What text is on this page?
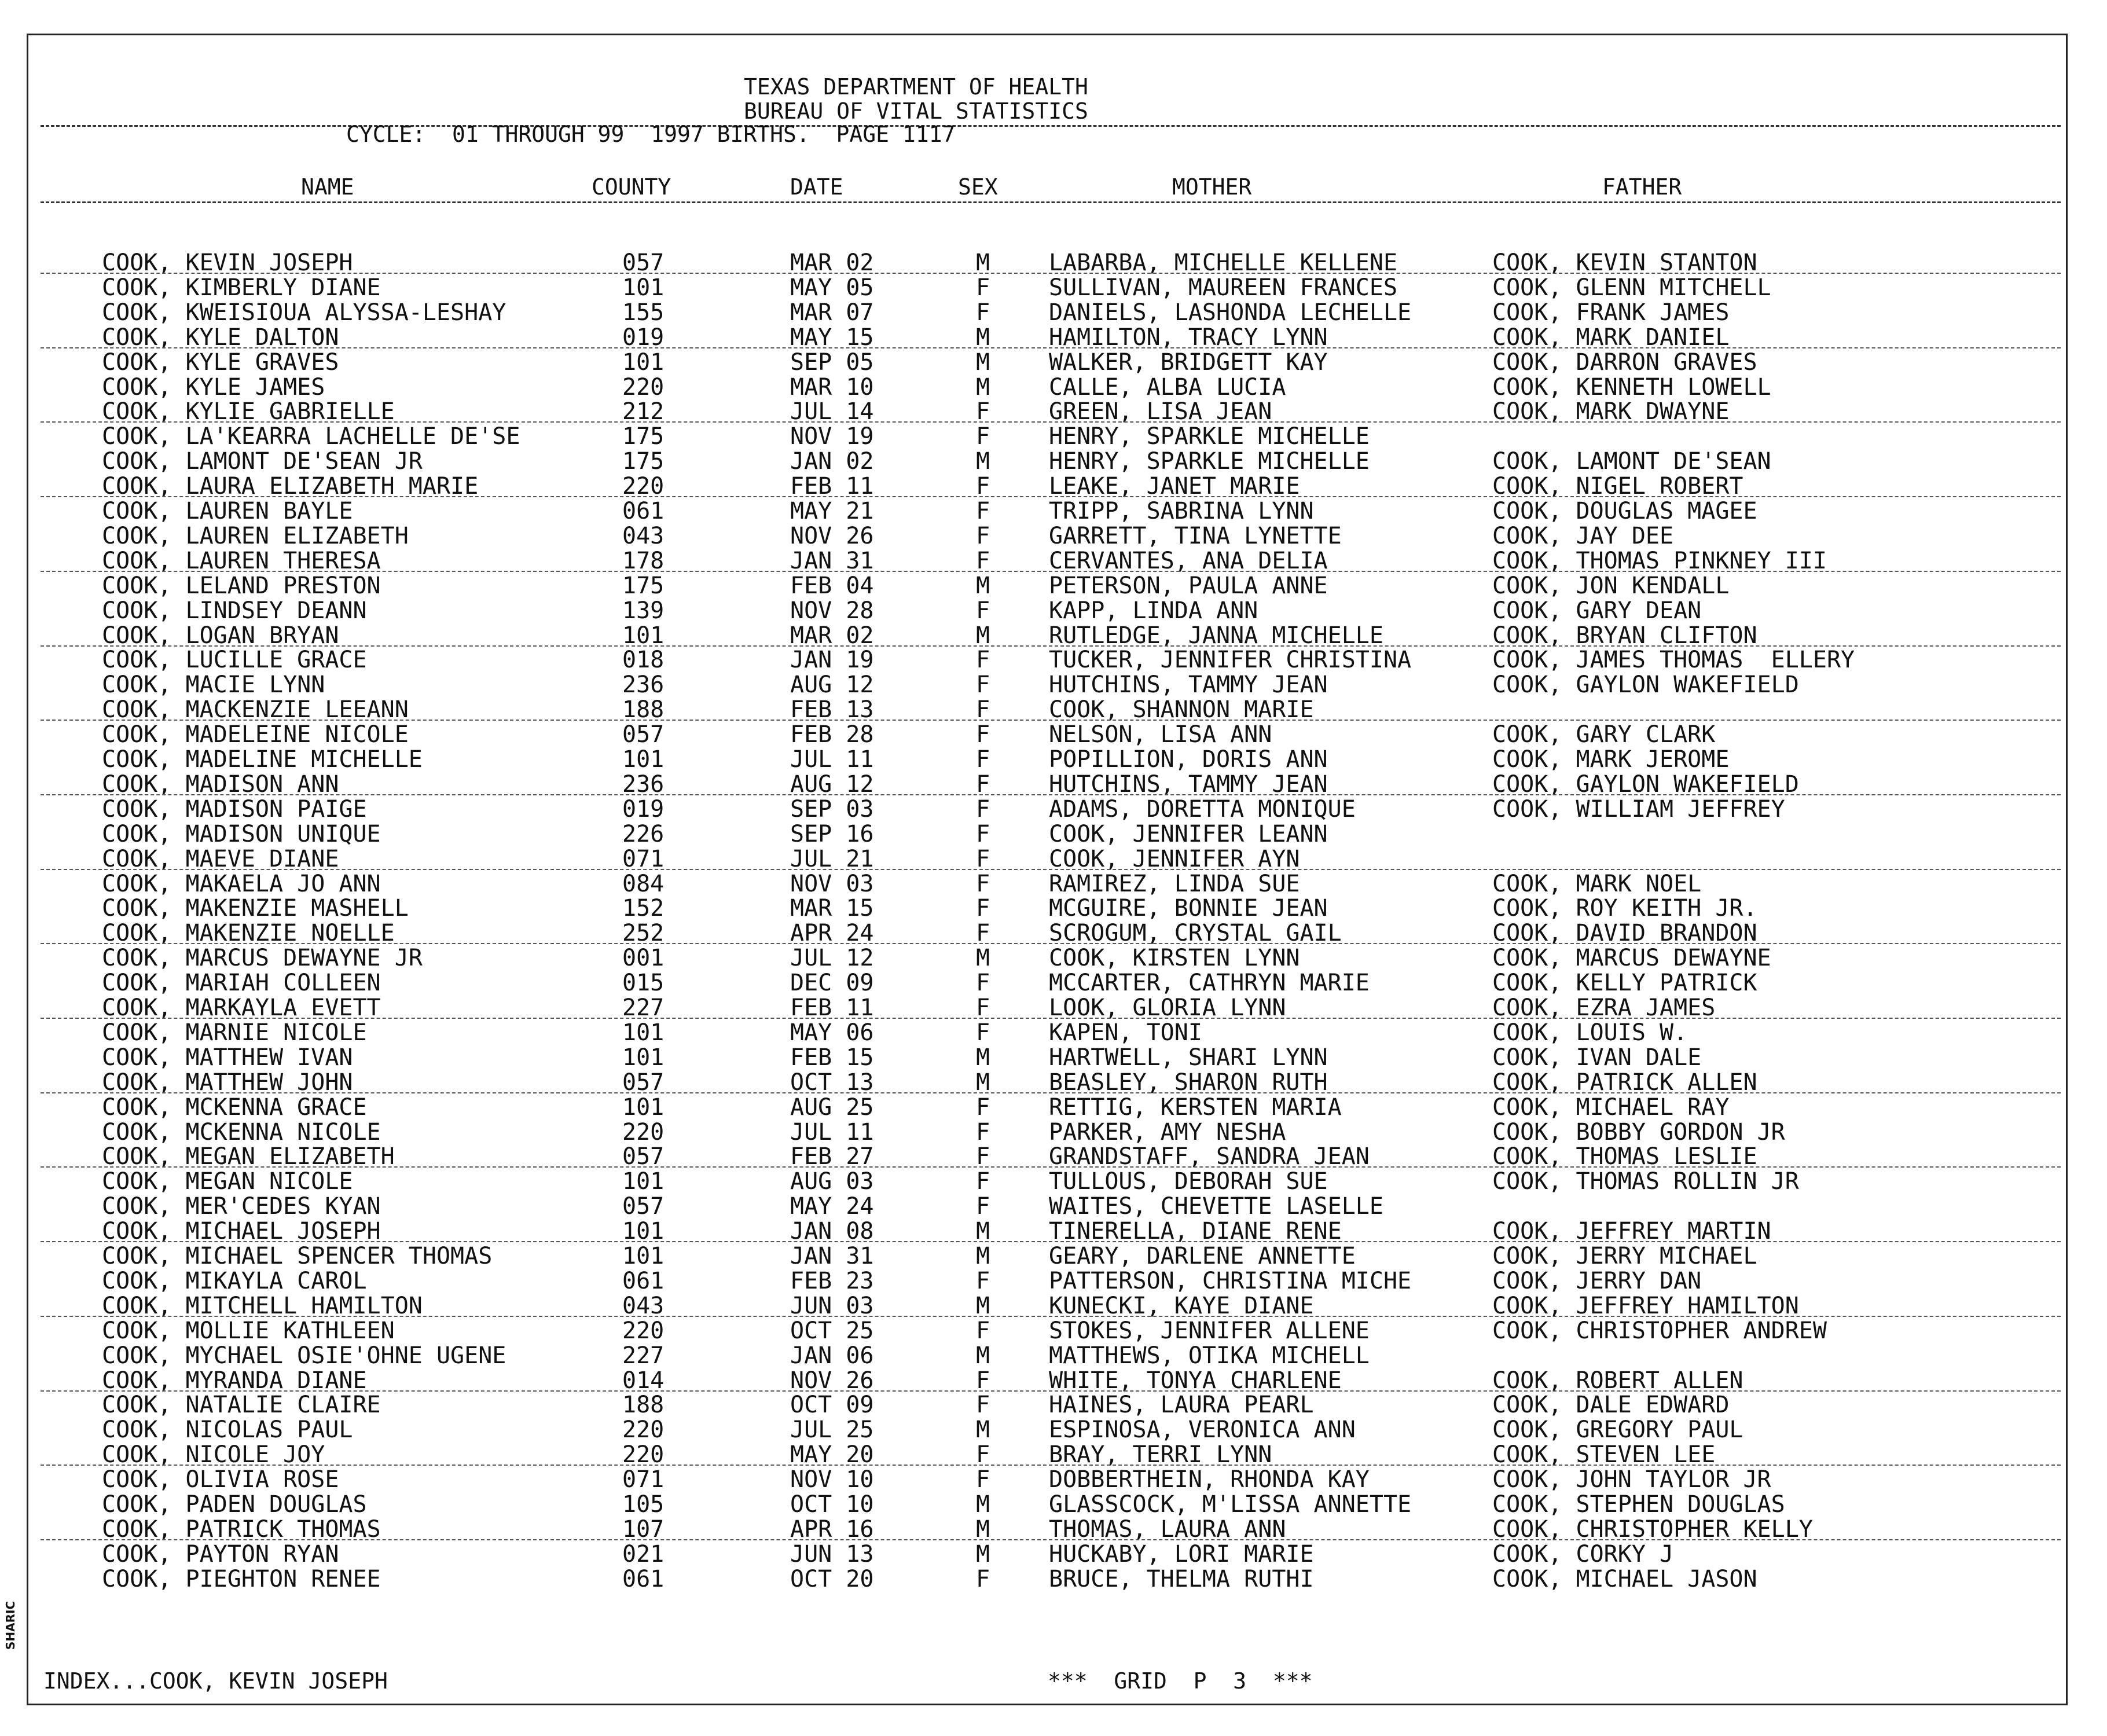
TEXAS DEPARTMENT OF HEALTH
BUREAU OF VITAL STATISTICS
CYCLE:  01 THROUGH 99  1997 BIRTHS.  PAGE 1117
NAME	COUNTY	DATE	SEX	MOTHER	FATHER
COOK, KEVIN JOSEPH	057	MAR 02	M	LABARBA, MICHELLE KELLENE	COOK, KEVIN STANTON
COOK, KIMBERLY DIANE	101	MAY 05	F	SULLIVAN, MAUREEN FRANCES	COOK, GLENN MITCHELL
COOK, KWEISIOUA ALYSSA-LESHAY	155	MAR 07	F	DANIELS, LASHONDA LECHELLE	COOK, FRANK JAMES
COOK, KYLE DALTON	019	MAY 15	M	HAMILTON, TRACY LYNN	COOK, MARK DANIEL
COOK, KYLE GRAVES	101	SEP 05	M	WALKER, BRIDGETT KAY	COOK, DARRON GRAVES
COOK, KYLE JAMES	220	MAR 10	M	CALLE, ALBA LUCIA	COOK, KENNETH LOWELL
COOK, KYLIE GABRIELLE	212	JUL 14	F	GREEN, LISA JEAN	COOK, MARK DWAYNE
COOK, LA'KEARRA LACHELLE DE'SE	175	NOV 19	F	HENRY, SPARKLE MICHELLE
COOK, LAMONT DE'SEAN JR	175	JAN 02	M	HENRY, SPARKLE MICHELLE	COOK, LAMONT DE'SEAN
COOK, LAURA ELIZABETH MARIE	220	FEB 11	F	LEAKE, JANET MARIE	COOK, NIGEL ROBERT
COOK, LAUREN BAYLE	061	MAY 21	F	TRIPP, SABRINA LYNN	COOK, DOUGLAS MAGEE
COOK, LAUREN ELIZABETH	043	NOV 26	F	GARRETT, TINA LYNETTE	COOK, JAY DEE
COOK, LAUREN THERESA	178	JAN 31	F	CERVANTES, ANA DELIA	COOK, THOMAS PINKNEY III
COOK, LELAND PRESTON	175	FEB 04	M	PETERSON, PAULA ANNE	COOK, JON KENDALL
COOK, LINDSEY DEANN	139	NOV 28	F	KAPP, LINDA ANN	COOK, GARY DEAN
COOK, LOGAN BRYAN	101	MAR 02	M	RUTLEDGE, JANNA MICHELLE	COOK, BRYAN CLIFTON
COOK, LUCILLE GRACE	018	JAN 19	F	TUCKER, JENNIFER CHRISTINA	COOK, JAMES THOMAS  ELLERY
COOK, MACIE LYNN	236	AUG 12	F	HUTCHINS, TAMMY JEAN	COOK, GAYLON WAKEFIELD
COOK, MACKENZIE LEEANN	188	FEB 13	F	COOK, SHANNON MARIE
COOK, MADELEINE NICOLE	057	FEB 28	F	NELSON, LISA ANN	COOK, GARY CLARK
COOK, MADELINE MICHELLE	101	JUL 11	F	POPILLION, DORIS ANN	COOK, MARK JEROME
COOK, MADISON ANN	236	AUG 12	F	HUTCHINS, TAMMY JEAN	COOK, GAYLON WAKEFIELD
COOK, MADISON PAIGE	019	SEP 03	F	ADAMS, DORETTA MONIQUE	COOK, WILLIAM JEFFREY
COOK, MADISON UNIQUE	226	SEP 16	F	COOK, JENNIFER LEANN
COOK, MAEVE DIANE	071	JUL 21	F	COOK, JENNIFER AYN
COOK, MAKAELA JO ANN	084	NOV 03	F	RAMIREZ, LINDA SUE	COOK, MARK NOEL
COOK, MAKENZIE MASHELL	152	MAR 15	F	MCGUIRE, BONNIE JEAN	COOK, ROY KEITH JR.
COOK, MAKENZIE NOELLE	252	APR 24	F	SCROGUM, CRYSTAL GAIL	COOK, DAVID BRANDON
COOK, MARCUS DEWAYNE JR	001	JUL 12	M	COOK, KIRSTEN LYNN	COOK, MARCUS DEWAYNE
COOK, MARIAH COLLEEN	015	DEC 09	F	MCCARTER, CATHRYN MARIE	COOK, KELLY PATRICK
COOK, MARKAYLA EVETT	227	FEB 11	F	LOOK, GLORIA LYNN	COOK, EZRA JAMES
COOK, MARNIE NICOLE	101	MAY 06	F	KAPEN, TONI	COOK, LOUIS W.
COOK, MATTHEW IVAN	101	FEB 15	M	HARTWELL, SHARI LYNN	COOK, IVAN DALE
COOK, MATTHEW JOHN	057	OCT 13	M	BEASLEY, SHARON RUTH	COOK, PATRICK ALLEN
COOK, MCKENNA GRACE	101	AUG 25	F	RETTIG, KERSTEN MARIA	COOK, MICHAEL RAY
COOK, MCKENNA NICOLE	220	JUL 11	F	PARKER, AMY NESHA	COOK, BOBBY GORDON JR
COOK, MEGAN ELIZABETH	057	FEB 27	F	GRANDSTAFF, SANDRA JEAN	COOK, THOMAS LESLIE
COOK, MEGAN NICOLE	101	AUG 03	F	TULLOUS, DEBORAH SUE	COOK, THOMAS ROLLIN JR
COOK, MER'CEDES KYAN	057	MAY 24	F	WAITES, CHEVETTE LASELLE
COOK, MICHAEL JOSEPH	101	JAN 08	M	TINERELLA, DIANE RENE	COOK, JEFFREY MARTIN
COOK, MICHAEL SPENCER THOMAS	101	JAN 31	M	GEARY, DARLENE ANNETTE	COOK, JERRY MICHAEL
COOK, MIKAYLA CAROL	061	FEB 23	F	PATTERSON, CHRISTINA MICHE	COOK, JERRY DAN
COOK, MITCHELL HAMILTON	043	JUN 03	M	KUNECKI, KAYE DIANE	COOK, JEFFREY HAMILTON
COOK, MOLLIE KATHLEEN	220	OCT 25	F	STOKES, JENNIFER ALLENE	COOK, CHRISTOPHER ANDREW
COOK, MYCHAEL OSIE'OHNE UGENE	227	JAN 06	M	MATTHEWS, OTIKA MICHELL
COOK, MYRANDA DIANE	014	NOV 26	F	WHITE, TONYA CHARLENE	COOK, ROBERT ALLEN
COOK, NATALIE CLAIRE	188	OCT 09	F	HAINES, LAURA PEARL	COOK, DALE EDWARD
COOK, NICOLAS PAUL	220	JUL 25	M	ESPINOSA, VERONICA ANN	COOK, GREGORY PAUL
COOK, NICOLE JOY	220	MAY 20	F	BRAY, TERRI LYNN	COOK, STEVEN LEE
COOK, OLIVIA ROSE	071	NOV 10	F	DOBBERTHEIN, RHONDA KAY	COOK, JOHN TAYLOR JR
COOK, PADEN DOUGLAS	105	OCT 10	M	GLASSCOCK, M'LISSA ANNETTE	COOK, STEPHEN DOUGLAS
COOK, PATRICK THOMAS	107	APR 16	M	THOMAS, LAURA ANN	COOK, CHRISTOPHER KELLY
COOK, PAYTON RYAN	021	JUN 13	M	HUCKABY, LORI MARIE	COOK, CORKY J
COOK, PIEGHTON RENEE	061	OCT 20	F	BRUCE, THELMA RUTHI	COOK, MICHAEL JASON
INDEX...COOK, KEVIN JOSEPH	***  GRID  P  3  ***
SHARIC
